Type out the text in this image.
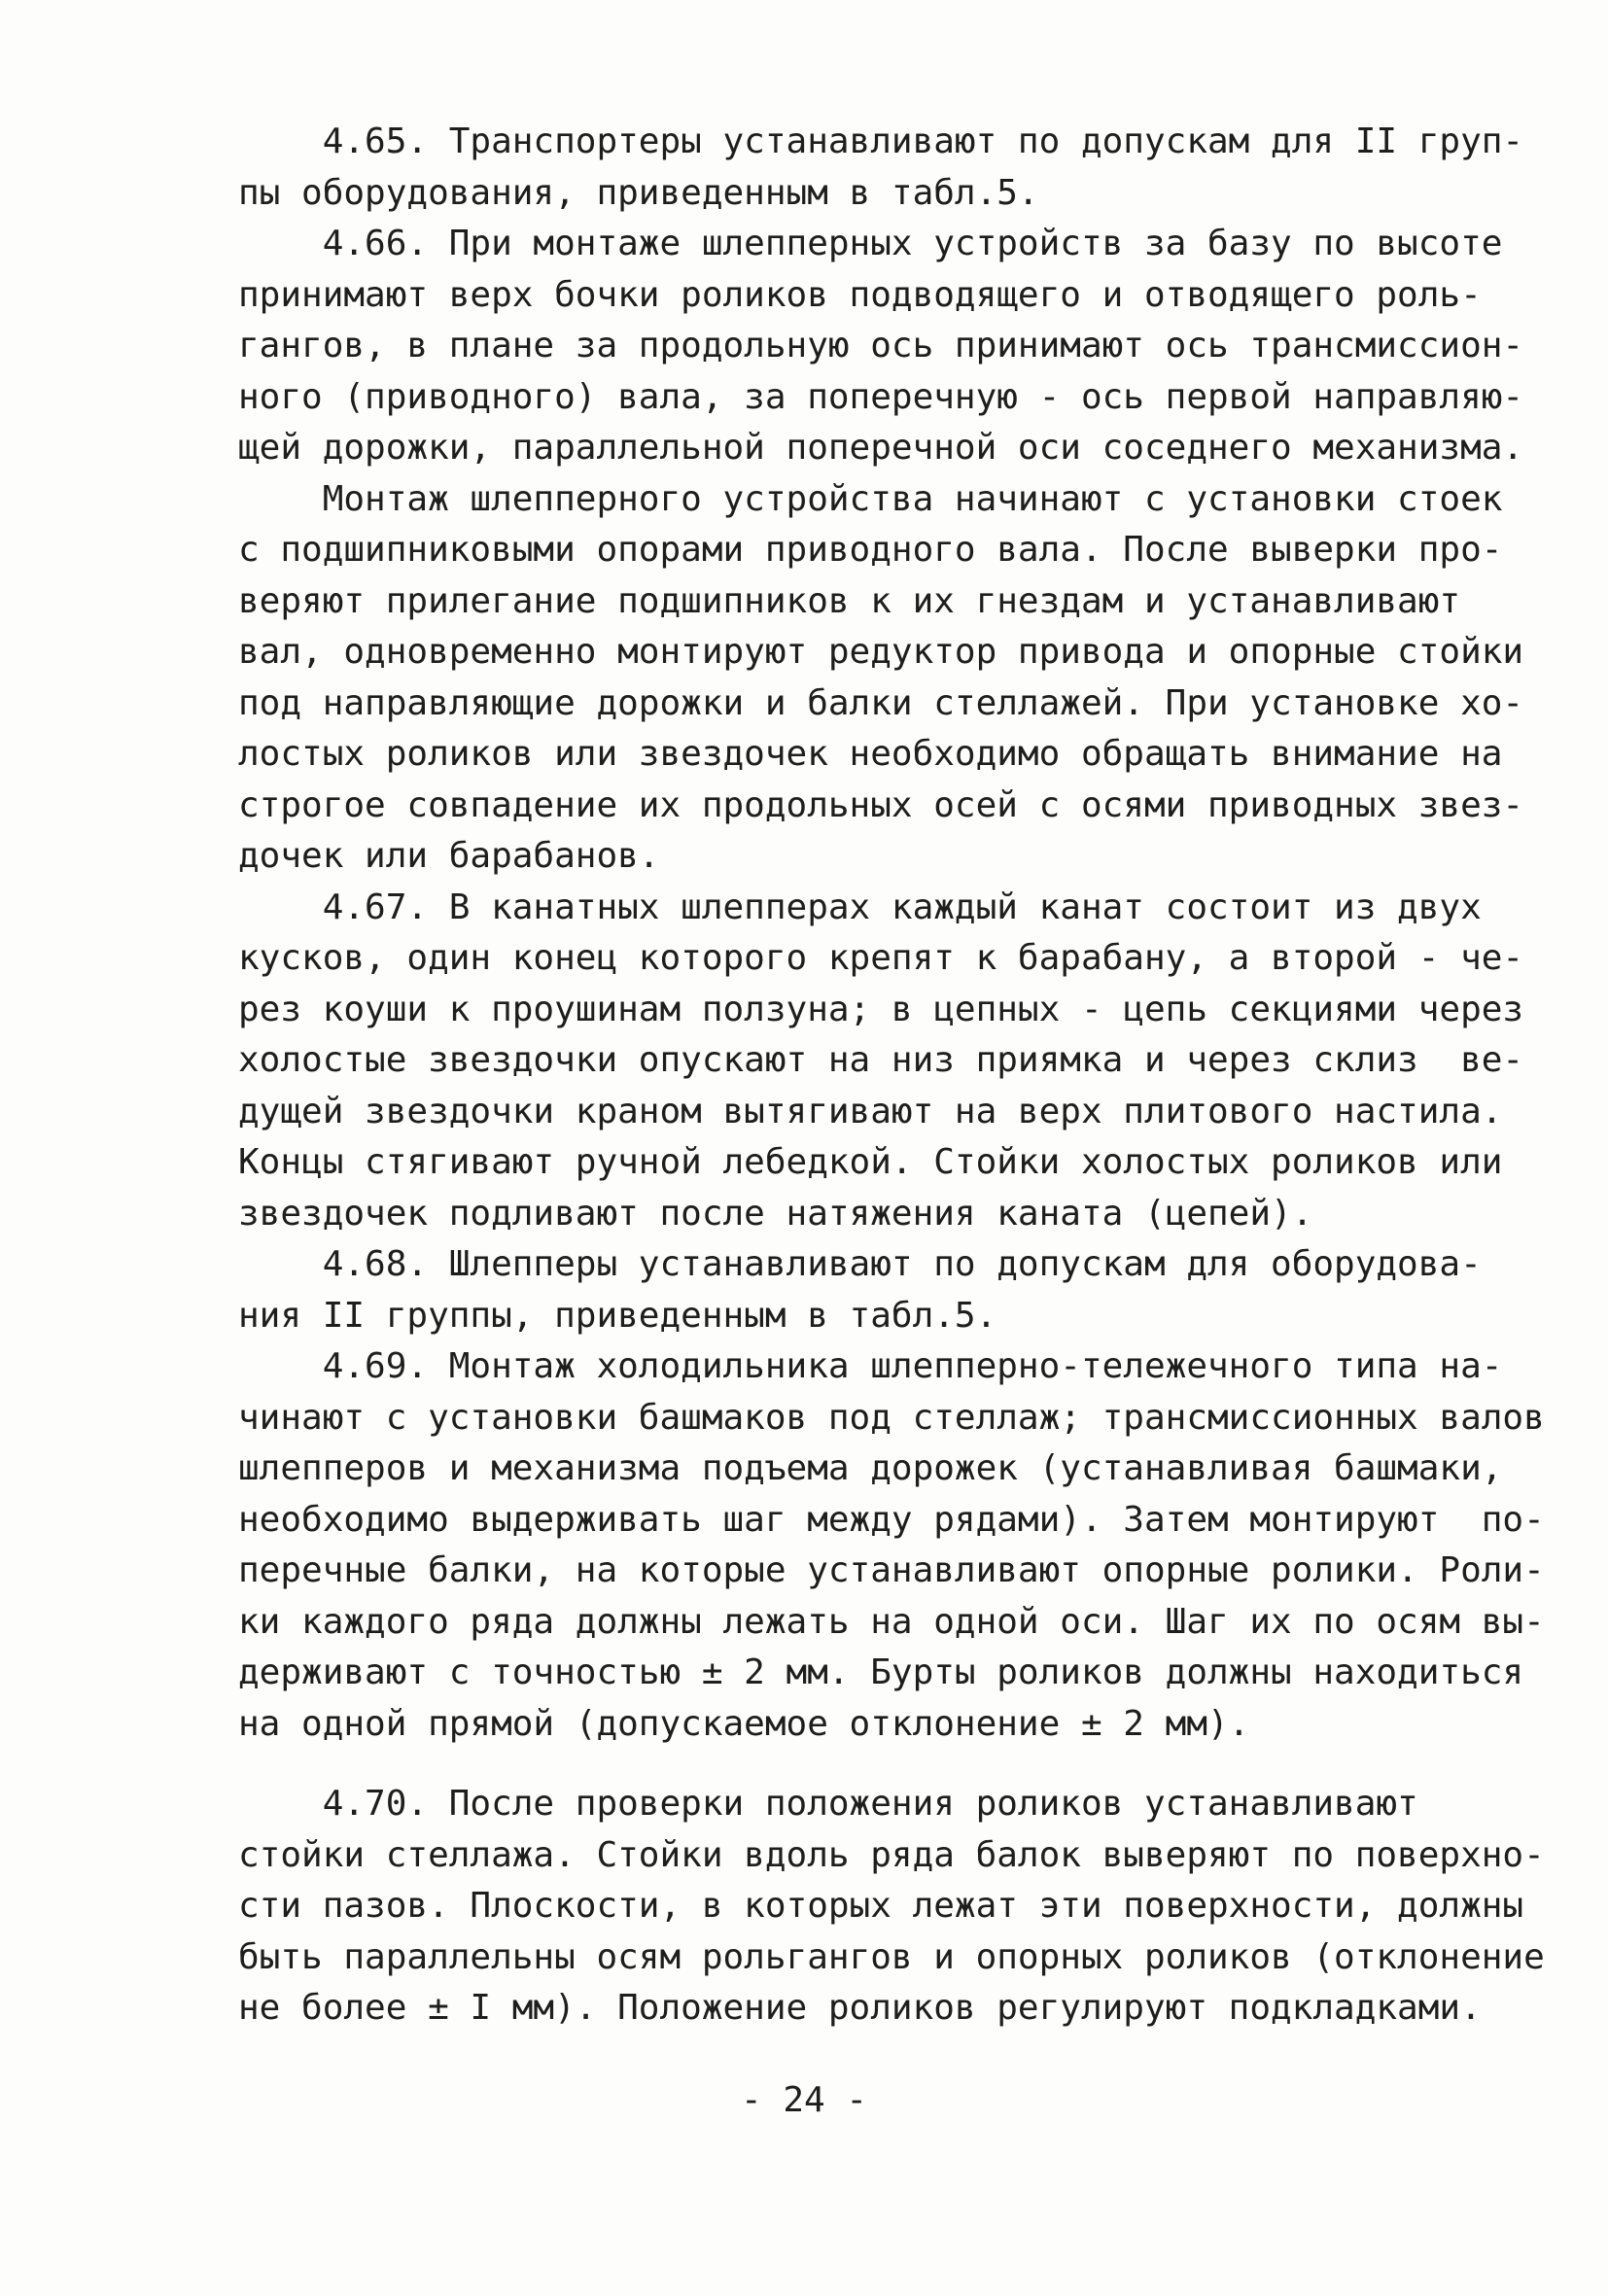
4.65. Транспортеры устанавливают по допускам для II груп-
пы оборудования, приведенным в табл.5.
4.66. При монтаже шлепперных устройств за базу по высоте
принимают верх бочки роликов подводящего и отводящего роль-
гангов, в плане за продольную ось принимают ось трансмиссион-
ного (приводного) вала, за поперечную - ось первой направляю-
щей дорожки, параллельной поперечной оси соседнего механизма.
Монтаж шлепперного устройства начинают с установки стоек
с подшипниковыми опорами приводного вала. После выверки про-
веряют прилегание подшипников к их гнездам и устанавливают
вал, одновременно монтируют редуктор привода и опорные стойки
под направляющие дорожки и балки стеллажей. При установке хо-
лостых роликов или звездочек необходимо обращать внимание на
строгое совпадение их продольных осей с осями приводных звез-
дочек или барабанов.
4.67. В канатных шлепперах каждый канат состоит из двух
кусков, один конец которого крепят к барабану, а второй - че-
рез коуши к проушинам ползуна; в цепных - цепь секциями через
холостые звездочки опускают на низ приямка и через склиз  ве-
дущей звездочки краном вытягивают на верх плитового настила.
Концы стягивают ручной лебедкой. Стойки холостых роликов или
звездочек подливают после натяжения каната (цепей).
4.68. Шлепперы устанавливают по допускам для оборудова-
ния II группы, приведенным в табл.5.
4.69. Монтаж холодильника шлепперно-тележечного типа на-
чинают с установки башмаков под стеллаж; трансмиссионных валов
шлепперов и механизма подъема дорожек (устанавливая башмаки,
необходимо выдерживать шаг между рядами). Затем монтируют  по-
перечные балки, на которые устанавливают опорные ролики. Роли-
ки каждого ряда должны лежать на одной оси. Шаг их по осям вы-
держивают с точностью ± 2 мм. Бурты роликов должны находиться
на одной прямой (допускаемое отклонение ± 2 мм).
4.70. После проверки положения роликов устанавливают
стойки стеллажа. Стойки вдоль ряда балок выверяют по поверхно-
сти пазов. Плоскости, в которых лежат эти поверхности, должны
быть параллельны осям рольгангов и опорных роликов (отклонение
не более ± I мм). Положение роликов регулируют подкладками.
- 24 -
